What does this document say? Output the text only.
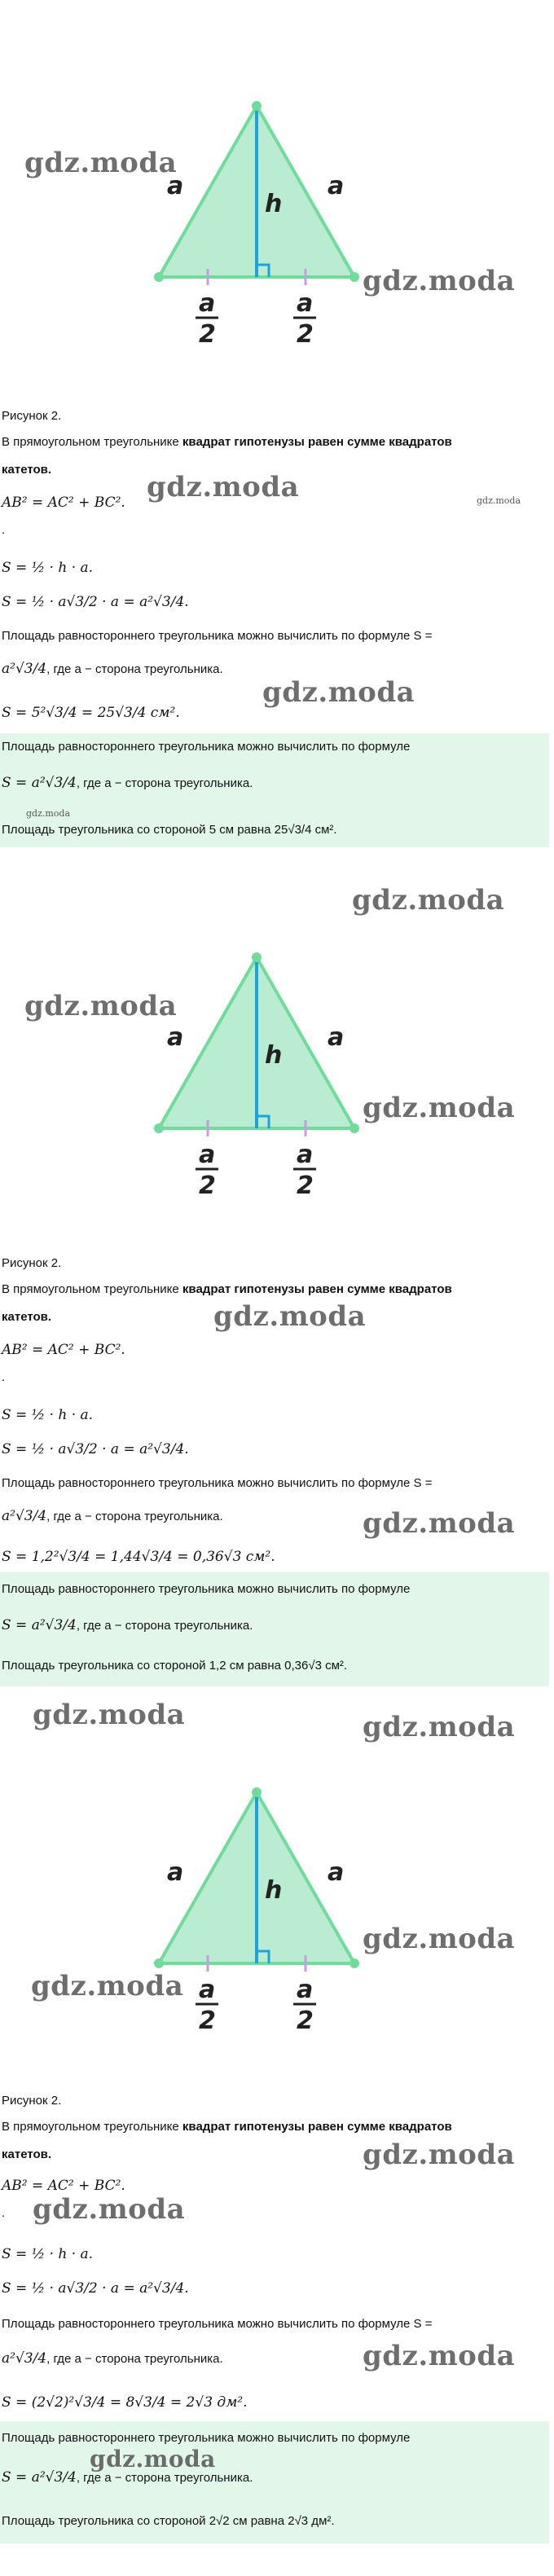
a	a
h
a
2
a
2
gdz.moda
gdz.moda
Рисунок 2.
В прямоугольном треугольнике квадрат гипотенузы равен сумме квадратов
катетов.
gdz.moda	gdz.moda
AB² = AC² + BC².
.
S = ½ · h · a.
S = ½ · a√3/2 · a = a²√3/4.
Площадь равностороннего треугольника можно вычислить по формуле S =
a²√3/4, где a − сторона треугольника.
gdz.moda
S = 5²√3/4 = 25√3/4 см².
Площадь равностороннего треугольника можно вычислить по формуле
S = a²√3/4, где a − сторона треугольника.
Площадь треугольника со стороной 5 см равна 25√3/4 см².
gdz.moda
gdz.moda
a	a
h
a
2
a
2
gdz.moda
gdz.moda
Рисунок 2.
В прямоугольном треугольнике квадрат гипотенузы равен сумме квадратов
катетов.	gdz.moda
AB² = AC² + BC².
.
S = ½ · h · a.
S = ½ · a√3/2 · a = a²√3/4.
Площадь равностороннего треугольника можно вычислить по формуле S =
a²√3/4, где a − сторона треугольника.	gdz.moda
S = 1,2²√3/4 = 1,44√3/4 = 0,36√3 см².
Площадь равностороннего треугольника можно вычислить по формуле
S = a²√3/4, где a − сторона треугольника.
Площадь треугольника со стороной 1,2 см равна 0,36√3 см².
gdz.moda	gdz.moda
a	a
h
a
2
a
2
gdz.moda
gdz.moda
Рисунок 2.
В прямоугольном треугольнике квадрат гипотенузы равен сумме квадратов
катетов.	gdz.moda
AB² = AC² + BC².
gdz.moda
.
S = ½ · h · a.
S = ½ · a√3/2 · a = a²√3/4.
Площадь равностороннего треугольника можно вычислить по формуле S =
gdz.moda
a²√3/4, где a − сторона треугольника.
S = (2√2)²√3/4 = 8√3/4 = 2√3 дм².
Площадь равностороннего треугольника можно вычислить по формуле
gdz.moda
S = a²√3/4, где a − сторона треугольника.
Площадь треугольника со стороной 2√2 см равна 2√3 дм².
